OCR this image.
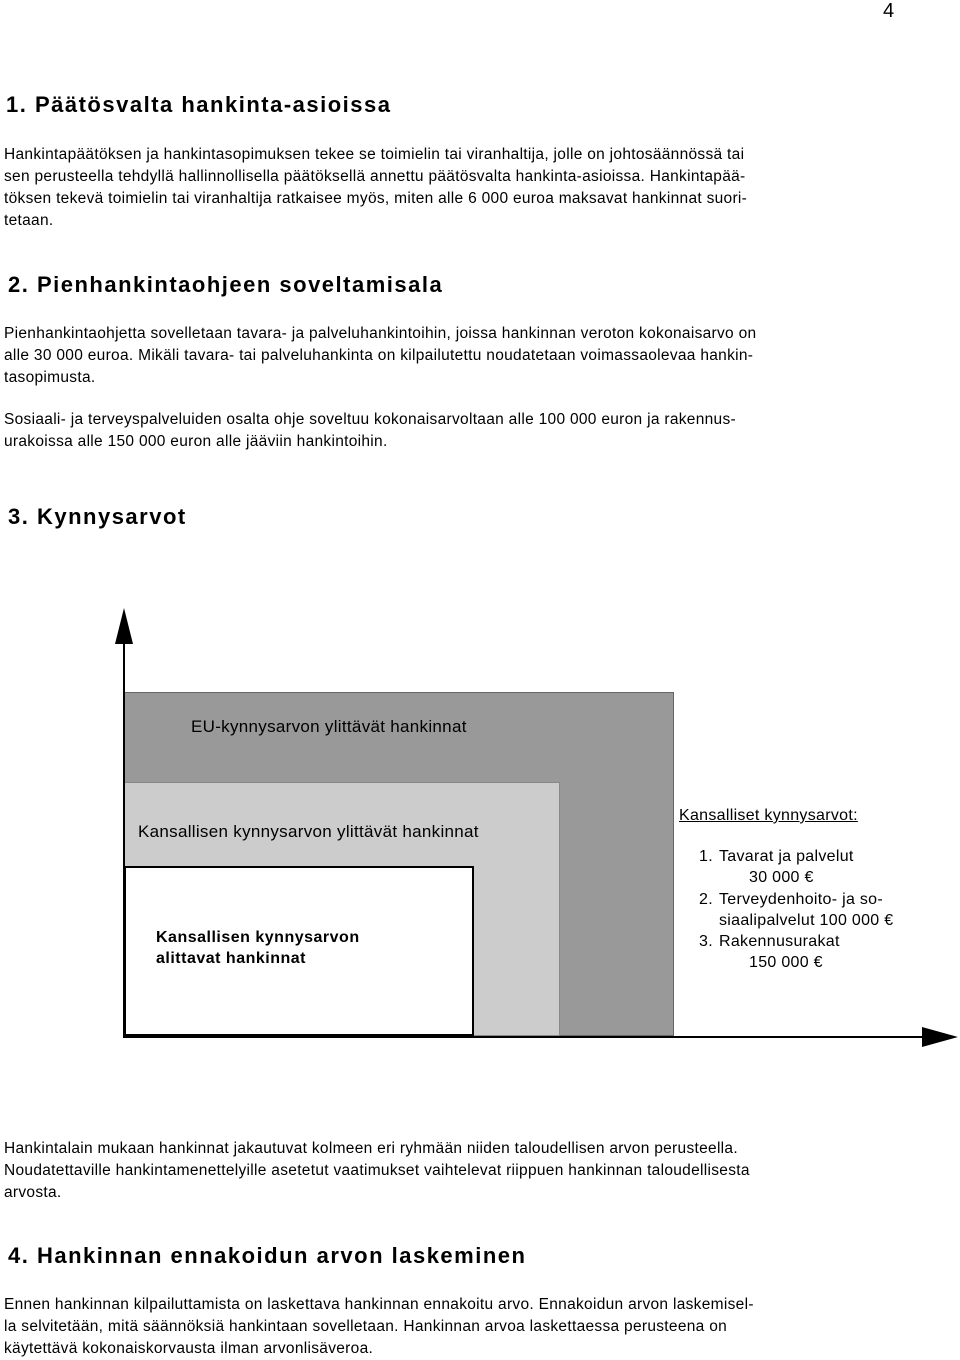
4
1. Päätösvalta hankinta-asioissa
Hankintapäätöksen ja hankintasopimuksen tekee se toimielin tai viranhaltija, jolle on johtosäännössä tai
sen perusteella tehdyllä hallinnollisella päätöksellä annettu päätösvalta hankinta-asioissa. Hankintapää-
töksen tekevä toimielin tai viranhaltija ratkaisee myös, miten alle 6 000 euroa maksavat hankinnat suori-
tetaan.
2. Pienhankintaohjeen soveltamisala
Pienhankintaohjetta sovelletaan tavara- ja palveluhankintoihin, joissa hankinnan veroton kokonaisarvo on
alle 30 000 euroa. Mikäli tavara- tai palveluhankinta on kilpailutettu noudatetaan voimassaolevaa hankin-
tasopimusta.
Sosiaali- ja terveyspalveluiden osalta ohje soveltuu kokonaisarvoltaan alle 100 000 euron ja rakennus-
urakoissa alle 150 000 euron alle jääviin hankintoihin.
3. Kynnysarvot
EU-kynnysarvon ylittävät hankinnat
Kansallisen kynnysarvon ylittävät hankinnat
Kansallisen kynnysarvon
alittavat hankinnat
Kansalliset kynnysarvot:
1. Tavarat ja palvelut
30 000 €
2. Terveydenhoito- ja so-
siaalipalvelut 100 000 €
3. Rakennusurakat
150 000 €
Hankintalain mukaan hankinnat jakautuvat kolmeen eri ryhmään niiden taloudellisen arvon perusteella.
Noudatettaville hankintamenettelyille asetetut vaatimukset vaihtelevat riippuen hankinnan taloudellisesta
arvosta.
4. Hankinnan ennakoidun arvon laskeminen
Ennen hankinnan kilpailuttamista on laskettava hankinnan ennakoitu arvo. Ennakoidun arvon laskemisel-
la selvitetään, mitä säännöksiä hankintaan sovelletaan. Hankinnan arvoa laskettaessa perusteena on
käytettävä kokonaiskorvausta ilman arvonlisäveroa.
